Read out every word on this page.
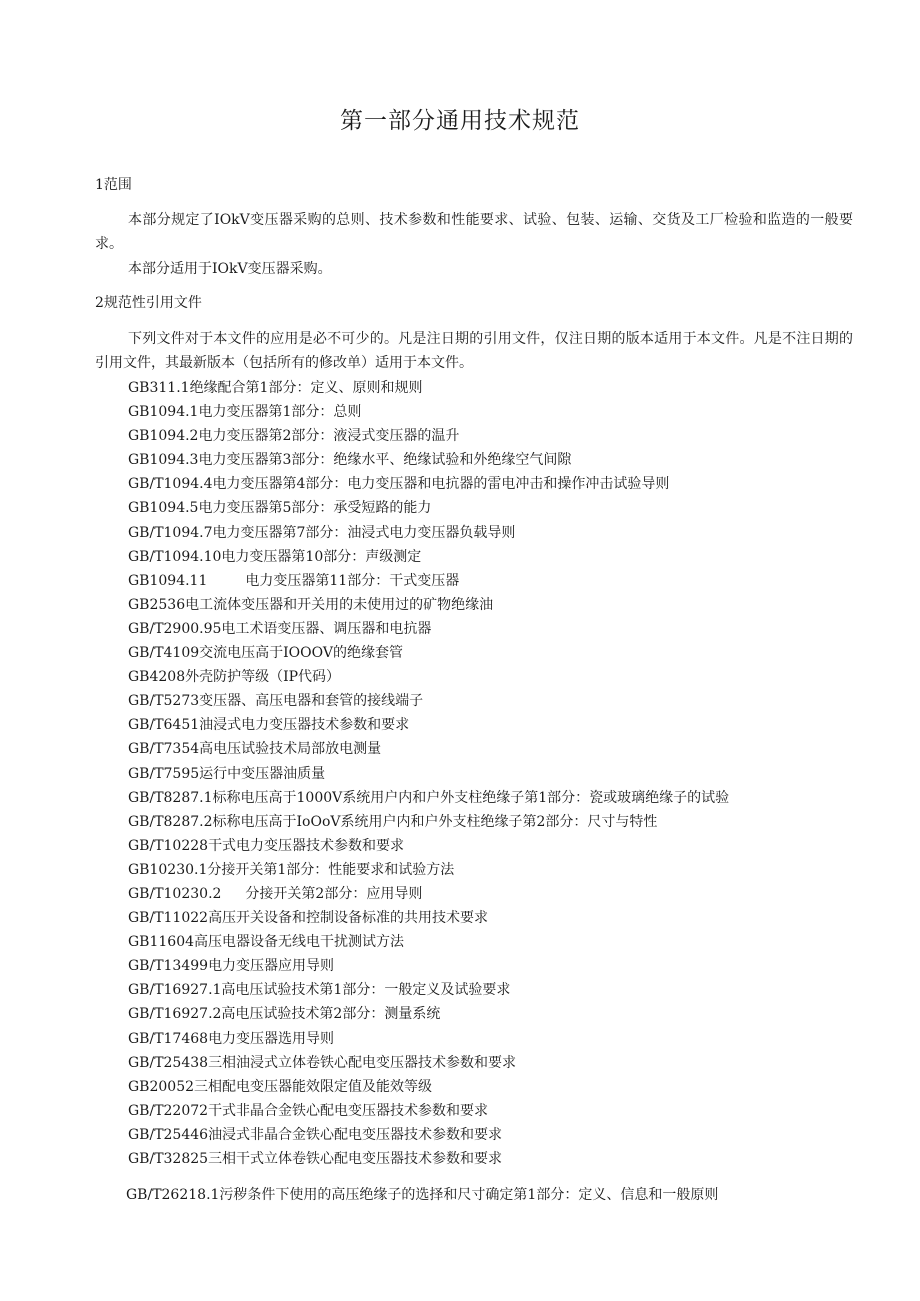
第一部分通用技术规范
1范围
本部分规定了IOkV变压器采购的总则、技术参数和性能要求、试验、包装、运输、交货及工厂检验和监造的一般要求。
本部分适用于IOkV变压器采购。
2规范性引用文件
下列文件对于本文件的应用是必不可少的。凡是注日期的引用文件，仅注日期的版本适用于本文件。凡是不注日期的引用文件，其最新版本（包括所有的修改单）适用于本文件。
GB311.1绝缘配合第1部分：定义、原则和规则
GB1094.1电力变压器第1部分：总则
GB1094.2电力变压器第2部分：液浸式变压器的温升
GB1094.3电力变压器第3部分：绝缘水平、绝缘试验和外绝缘空气间隙
GB/T1094.4电力变压器第4部分：电力变压器和电抗器的雷电冲击和操作冲击试验导则
GB1094.5电力变压器第5部分：承受短路的能力
GB/T1094.7电力变压器第7部分：油浸式电力变压器负载导则
GB/T1094.10电力变压器第10部分：声级测定
GB1094.11	电力变压器第11部分：干式变压器
GB2536电工流体变压器和开关用的未使用过的矿物绝缘油
GB/T2900.95电工术语变压器、调压器和电抗器
GB/T4109交流电压高于IOOOV的绝缘套管
GB4208外壳防护等级（IP代码）
GB/T5273变压器、高压电器和套管的接线端子
GB/T6451油浸式电力变压器技术参数和要求
GB/T7354高电压试验技术局部放电测量
GB/T7595运行中变压器油质量
GB/T8287.1标称电压高于1000V系统用户内和户外支柱绝缘子第1部分：瓷或玻璃绝缘子的试验
GB/T8287.2标称电压高于IoOoV系统用户内和户外支柱绝缘子第2部分：尺寸与特性
GB/T10228干式电力变压器技术参数和要求
GB10230.1分接开关第1部分：性能要求和试验方法
GB/T10230.2 分接开关第2部分：应用导则
GB/T11022高压开关设备和控制设备标准的共用技术要求
GB11604高压电器设备无线电干扰测试方法
GB/T13499电力变压器应用导则
GB/T16927.1高电压试验技术第1部分：一般定义及试验要求
GB/T16927.2高电压试验技术第2部分：测量系统
GB/T17468电力变压器选用导则
GB/T25438三相油浸式立体卷铁心配电变压器技术参数和要求
GB20052三相配电变压器能效限定值及能效等级
GB/T22072干式非晶合金铁心配电变压器技术参数和要求
GB/T25446油浸式非晶合金铁心配电变压器技术参数和要求
GB/T32825三相干式立体卷铁心配电变压器技术参数和要求
GB/T26218.1污秽条件下使用的高压绝缘子的选择和尺寸确定第1部分：定义、信息和一般原则
